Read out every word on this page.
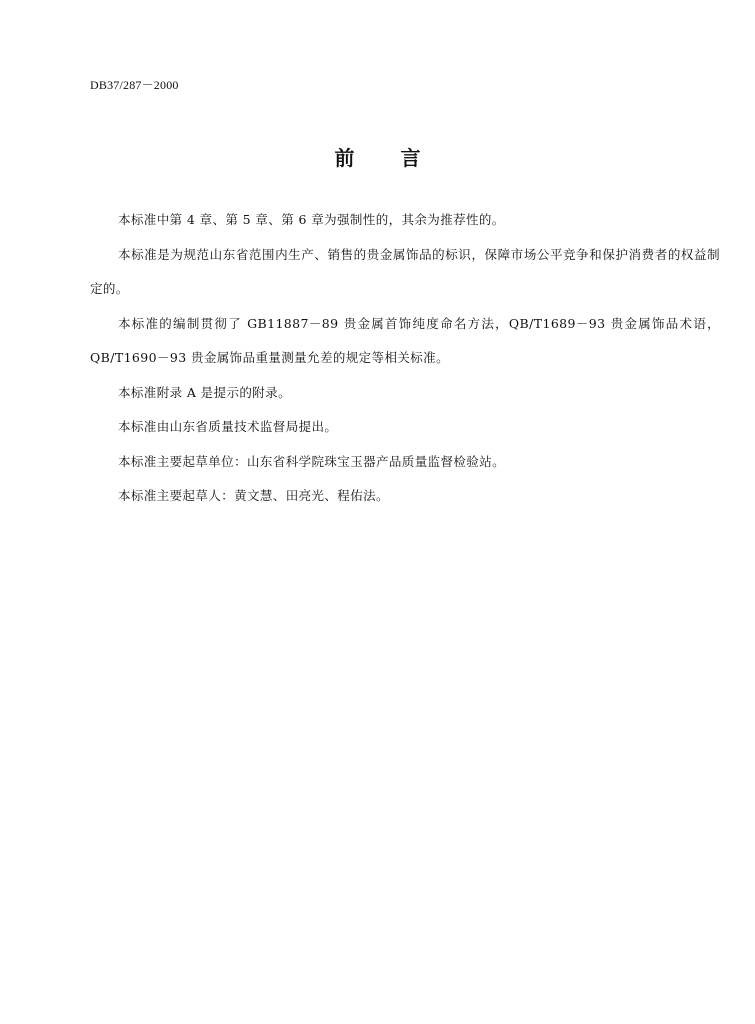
DB37/287－2000
前言

本标准中第 4 章、第 5 章、第 6 章为强制性的，其余为推荐性的。

本标准是为规范山东省范围内生产、销售的贵金属饰品的标识，保障市场公平竞争和保护消费者的权益制定的。

本标准的编制贯彻了 GB11887－89 贵金属首饰纯度命名方法，QB/T1689－93 贵金属饰品术语，QB/T1690－93 贵金属饰品重量测量允差的规定等相关标准。

本标准附录 A 是提示的附录。

本标准由山东省质量技术监督局提出。

本标准主要起草单位：山东省科学院珠宝玉器产品质量监督检验站。

本标准主要起草人：黄文慧、田亮光、程佑法。
